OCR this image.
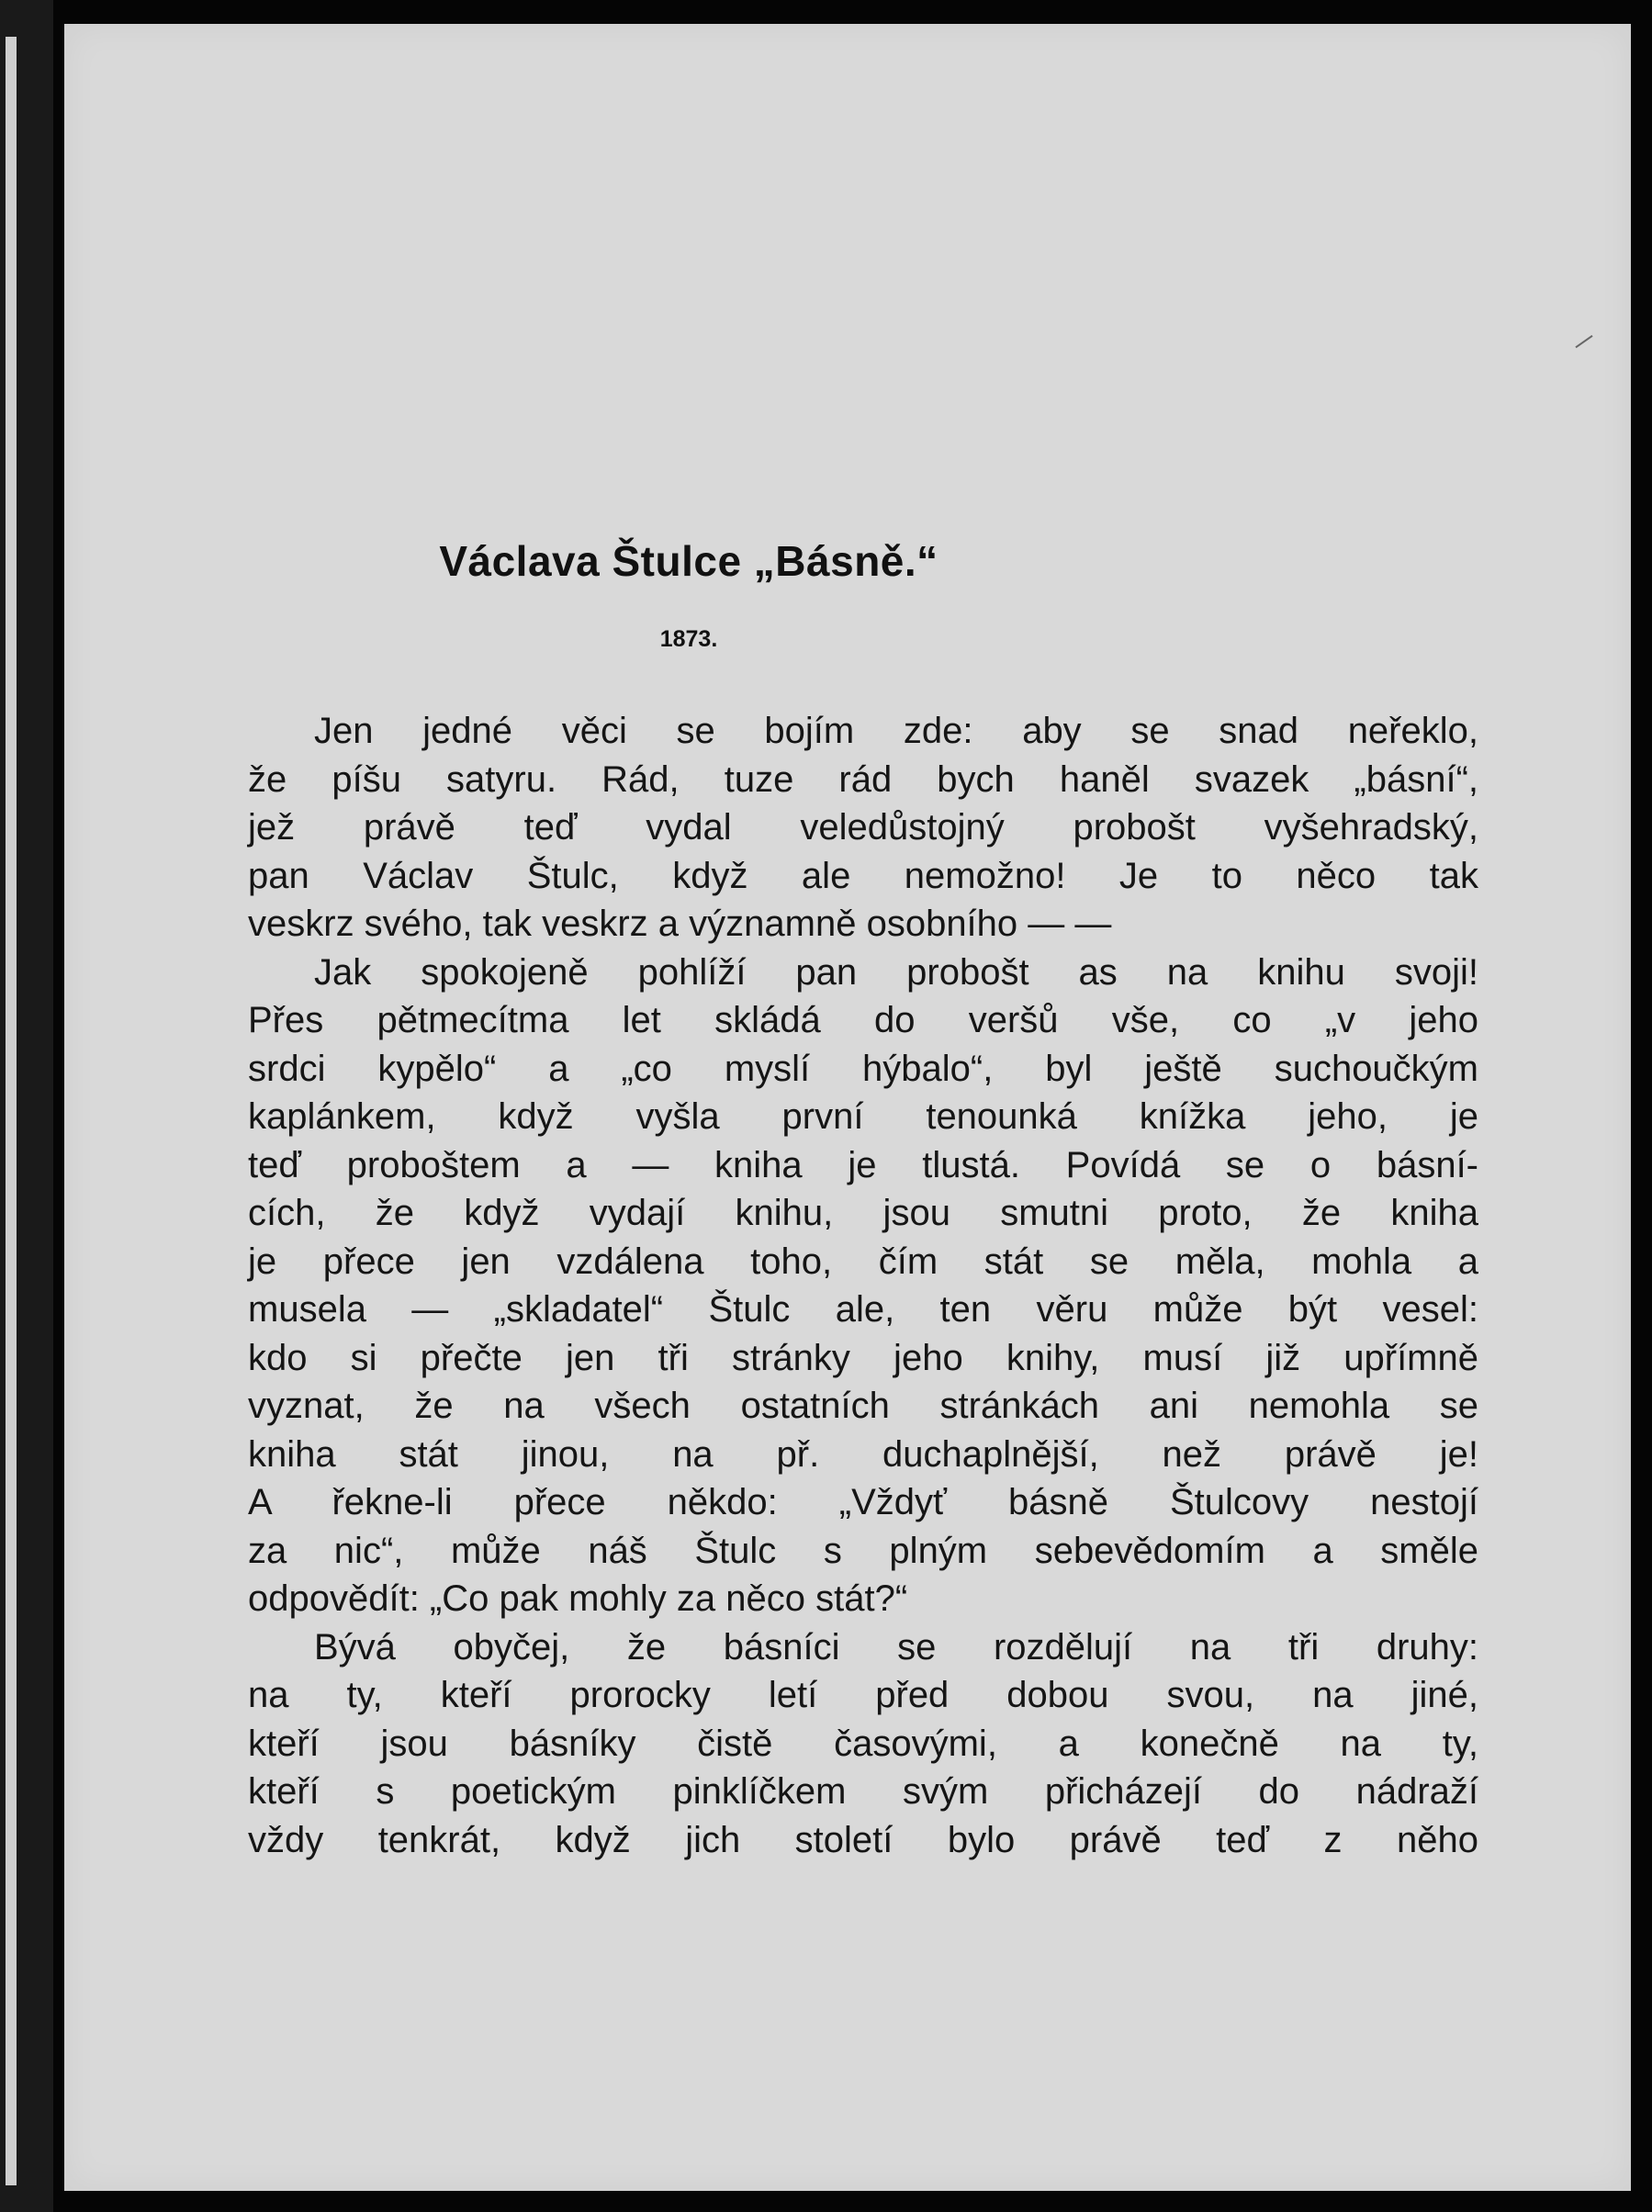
Václava Štulce „Básně.“
1873.
Jen jedné věci se bojím zde: aby se snad neřeklo,
že píšu satyru. Rád, tuze rád bych haněl svazek „básní“,
jež právě teď vydal veledůstojný probošt vyšehradský,
pan Václav Štulc, když ale nemožno! Je to něco tak
veskrz svého, tak veskrz a významně osobního — —
Jak spokojeně pohlíží pan probošt as na knihu svoji!
Přes pětmecítma let skládá do veršů vše, co „v jeho
srdci kypělo“ a „co myslí hýbalo“, byl ještě suchoučkým
kaplánkem, když vyšla první tenounká knížka jeho, je
teď proboštem a — kniha je tlustá. Povídá se o básní-
cích, že když vydají knihu, jsou smutni proto, že kniha
je přece jen vzdálena toho, čím stát se měla, mohla a
musela — „skladatel“ Štulc ale, ten věru může být vesel:
kdo si přečte jen tři stránky jeho knihy, musí již upřímně
vyznat, že na všech ostatních stránkách ani nemohla se
kniha stát jinou, na př. duchaplnější, než právě je!
A řekne-li přece někdo: „Vždyť básně Štulcovy nestojí
za nic“, může náš Štulc s plným sebevědomím a směle
odpovědít: „Co pak mohly za něco stát?“
Bývá obyčej, že básníci se rozdělují na tři druhy:
na ty, kteří prorocky letí před dobou svou, na jiné,
kteří jsou básníky čistě časovými, a konečně na ty,
kteří s poetickým pinklíčkem svým přicházejí do nádraží
vždy tenkrát, když jich století bylo právě teď z něho
